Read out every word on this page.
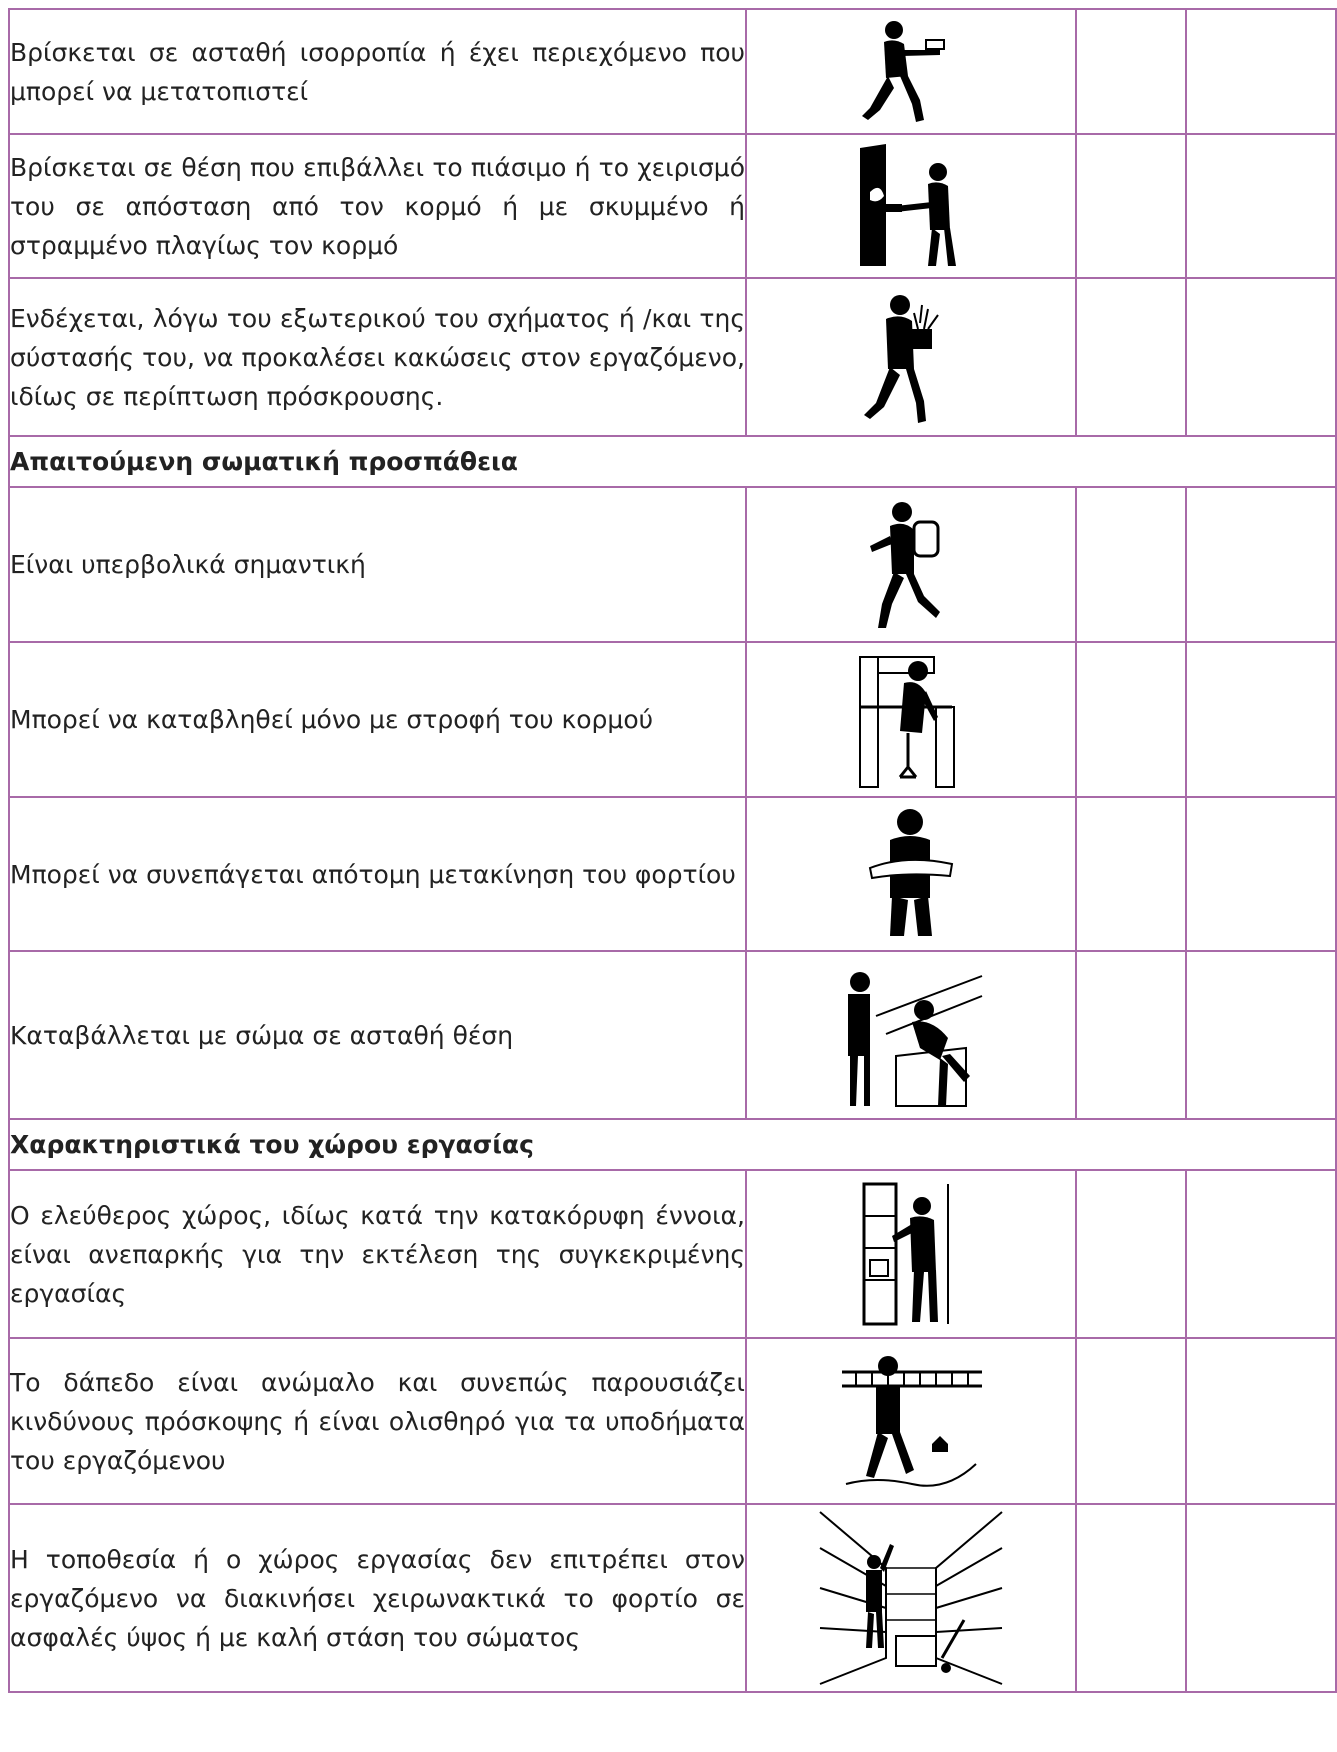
Βρίσκεται σε ασταθή ισορροπία ή έχει περιεχόμενο που μπορεί να μετατοπιστεί	

Βρίσκεται σε θέση που επιβάλλει το πιάσιμο ή το χειρισμό του σε απόσταση από τον κορμό ή με σκυμμένο ή στραμμένο πλαγίως τον κορμό	

Ενδέχεται, λόγω του εξωτερικού του σχήματος ή /και της σύστασής του, να προκαλέσει κακώσεις στον εργαζόμενο, ιδίως σε περίπτωση πρόσκρουσης.	

Απαιτούμενη σωματική προσπάθεια			
Είναι υπερβολικά σημαντική	

Μπορεί να καταβληθεί μόνο με στροφή του κορμού	

Μπορεί να συνεπάγεται απότομη μετακίνηση του φορτίου	

Καταβάλλεται με σώμα σε ασταθή θέση	

Χαρακτηριστικά του χώρου εργασίας			
Ο ελεύθερος χώρος, ιδίως κατά την κατακόρυφη έννοια, είναι ανεπαρκής για την εκτέλεση της συγκεκριμένης εργασίας	

Το δάπεδο είναι ανώμαλο και συνεπώς παρουσιάζει κινδύνους πρόσκοψης ή είναι ολισθηρό για τα υποδήματα του εργαζόμενου	

Η τοποθεσία ή ο χώρος εργασίας δεν επιτρέπει στον εργαζόμενο να διακινήσει χειρωνακτικά το φορτίο σε ασφαλές ύψος ή με καλή στάση του σώματος	
